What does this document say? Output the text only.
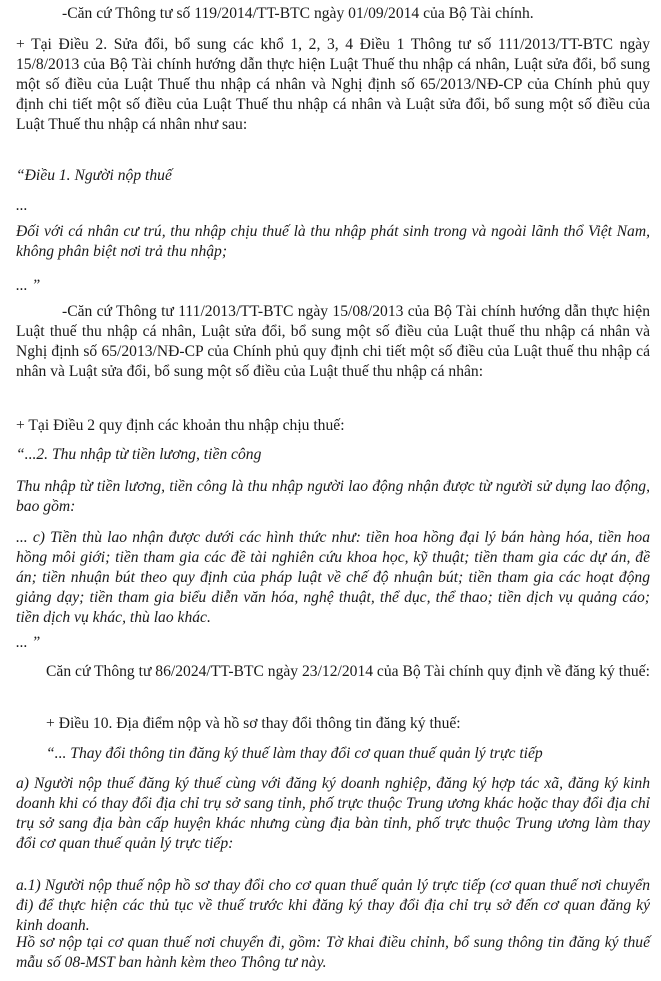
-Căn cứ Thông tư số 119/2014/TT-BTC ngày 01/09/2014 của Bộ Tài chính.

+ Tại Điều 2. Sửa đổi, bổ sung các khổ 1, 2, 3, 4 Điều 1 Thông tư số 111/2013/TT-BTC ngày 15/8/2013 của Bộ Tài chính hướng dẫn thực hiện Luật Thuế thu nhập cá nhân, Luật sửa đổi, bổ sung một số điều của Luật Thuế thu nhập cá nhân và Nghị định số 65/2013/NĐ-CP của Chính phủ quy định chi tiết một số điều của Luật Thuế thu nhập cá nhân và Luật sửa đổi, bổ sung một số điều của Luật Thuế thu nhập cá nhân như sau:

“Điều 1. Người nộp thuế

...

Đối với cá nhân cư trú, thu nhập chịu thuế là thu nhập phát sinh trong và ngoài lãnh thổ Việt Nam, không phân biệt nơi trả thu nhập;

... ”

-Căn cứ Thông tư 111/2013/TT-BTC ngày 15/08/2013 của Bộ Tài chính hướng dẫn thực hiện Luật thuế thu nhập cá nhân, Luật sửa đổi, bổ sung một số điều của Luật thuế thu nhập cá nhân và Nghị định số 65/2013/NĐ-CP của Chính phủ quy định chi tiết một số điều của Luật thuế thu nhập cá nhân và Luật sửa đổi, bổ sung một số điều của Luật thuế thu nhập cá nhân:

+ Tại Điều 2 quy định các khoản thu nhập chịu thuế:

“...2. Thu nhập từ tiền lương, tiền công

Thu nhập từ tiền lương, tiền công là thu nhập người lao động nhận được từ người sử dụng lao động, bao gồm:

... c) Tiền thù lao nhận được dưới các hình thức như: tiền hoa hồng đại lý bán hàng hóa, tiền hoa hồng môi giới; tiền tham gia các đề tài nghiên cứu khoa học, kỹ thuật; tiền tham gia các dự án, đề án; tiền nhuận bút theo quy định của pháp luật về chế độ nhuận bút; tiền tham gia các hoạt động giảng dạy; tiền tham gia biểu diễn văn hóa, nghệ thuật, thể dục, thể thao; tiền dịch vụ quảng cáo; tiền dịch vụ khác, thù lao khác.

... ”

Căn cứ Thông tư 86/2024/TT-BTC ngày 23/12/2014 của Bộ Tài chính quy định về đăng ký thuế:

+ Điều 10. Địa điểm nộp và hồ sơ thay đổi thông tin đăng ký thuế:

“... Thay đổi thông tin đăng ký thuế làm thay đổi cơ quan thuế quản lý trực tiếp

a) Người nộp thuế đăng ký thuế cùng với đăng ký doanh nghiệp, đăng ký hợp tác xã, đăng ký kinh doanh khi có thay đổi địa chỉ trụ sở sang tỉnh, phố trực thuộc Trung ương khác hoặc thay đổi địa chỉ trụ sở sang địa bàn cấp huyện khác nhưng cùng địa bàn tỉnh, phố trực thuộc Trung ương làm thay đổi cơ quan thuế quản lý trực tiếp:

a.1) Người nộp thuế nộp hồ sơ thay đổi cho cơ quan thuế quản lý trực tiếp (cơ quan thuế nơi chuyển đi) để thực hiện các thủ tục về thuế trước khi đăng ký thay đổi địa chỉ trụ sở đến cơ quan đăng ký kinh doanh.

Hồ sơ nộp tại cơ quan thuế nơi chuyển đi, gồm: Tờ khai điều chỉnh, bổ sung thông tin đăng ký thuế mẫu số 08-MST ban hành kèm theo Thông tư này.
